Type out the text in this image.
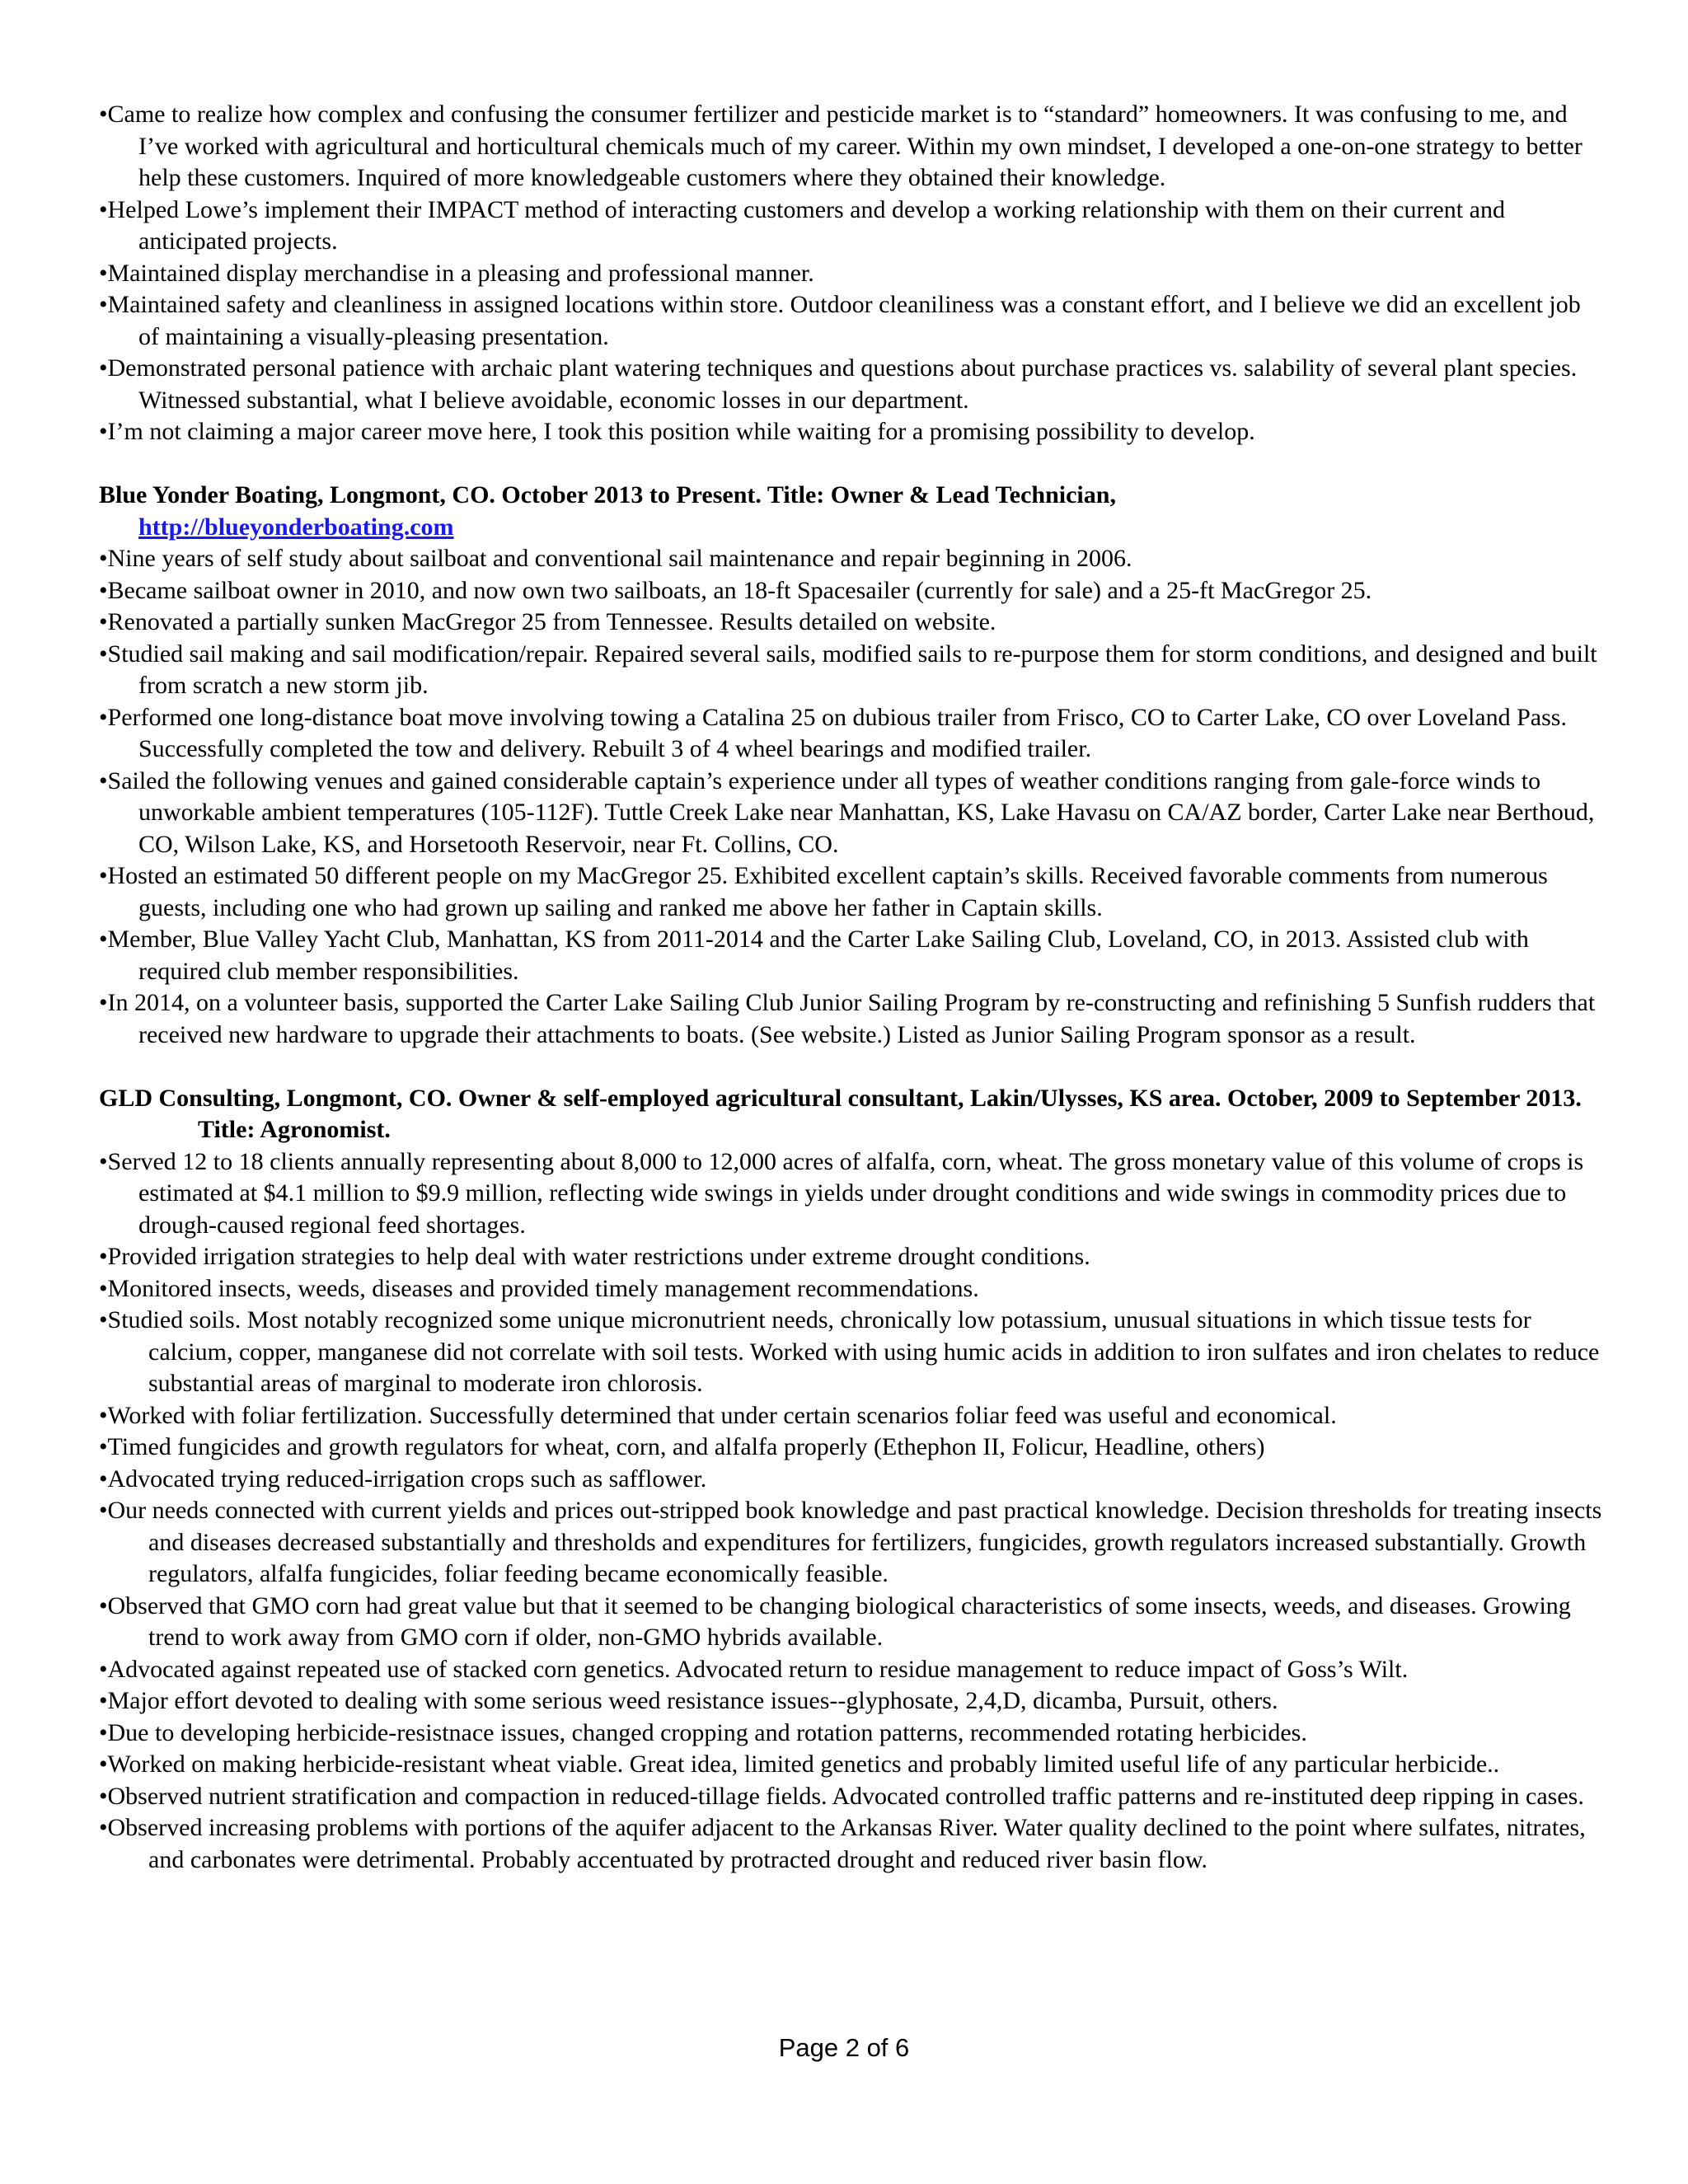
•Came to realize how complex and confusing the consumer fertilizer and pesticide market is to “standard” homeowners. It was confusing to me, and I’ve worked with agricultural and horticultural chemicals much of my career. Within my own mindset, I developed a one-on-one strategy to better help these customers. Inquired of more knowledgeable customers where they obtained their knowledge.

•Helped Lowe’s implement their IMPACT method of interacting customers and develop a working relationship with them on their current and anticipated projects.

•Maintained display merchandise in a pleasing and professional manner.

•Maintained safety and cleanliness in assigned locations within store. Outdoor cleaniliness was a constant effort, and I believe we did an excellent job of maintaining a visually-pleasing presentation.

•Demonstrated personal patience with archaic plant watering techniques and questions about purchase practices vs. salability of several plant species. Witnessed substantial, what I believe avoidable, economic losses in our department.

•I’m not claiming a major career move here, I took this position while waiting for a promising possibility to develop.

Blue Yonder Boating, Longmont, CO. October 2013 to Present. Title: Owner & Lead Technician,

http://blueyonderboating.com

•Nine years of self study about sailboat and conventional sail maintenance and repair beginning in 2006.

•Became sailboat owner in 2010, and now own two sailboats, an 18-ft Spacesailer (currently for sale) and a 25-ft MacGregor 25.

•Renovated a partially sunken MacGregor 25 from Tennessee. Results detailed on website.

•Studied sail making and sail modification/repair. Repaired several sails, modified sails to re-purpose them for storm conditions, and designed and built from scratch a new storm jib.

•Performed one long-distance boat move involving towing a Catalina 25 on dubious trailer from Frisco, CO to Carter Lake, CO over Loveland Pass. Successfully completed the tow and delivery. Rebuilt 3 of 4 wheel bearings and modified trailer.

•Sailed the following venues and gained considerable captain’s experience under all types of weather conditions ranging from gale-force winds to unworkable ambient temperatures (105-112F). Tuttle Creek Lake near Manhattan, KS, Lake Havasu on CA/AZ border, Carter Lake near Berthoud, CO, Wilson Lake, KS, and Horsetooth Reservoir, near Ft. Collins, CO.

•Hosted an estimated 50 different people on my MacGregor 25. Exhibited excellent captain’s skills. Received favorable comments from numerous guests, including one who had grown up sailing and ranked me above her father in Captain skills.

•Member, Blue Valley Yacht Club, Manhattan, KS from 2011-2014 and the Carter Lake Sailing Club, Loveland, CO, in 2013. Assisted club with required club member responsibilities.

•In 2014, on a volunteer basis, supported the Carter Lake Sailing Club Junior Sailing Program by re-constructing and refinishing 5 Sunfish rudders that received new hardware to upgrade their attachments to boats. (See website.) Listed as Junior Sailing Program sponsor as a result.

GLD Consulting, Longmont, CO. Owner & self-employed agricultural consultant, Lakin/Ulysses, KS area. October, 2009 to September 2013. Title: Agronomist.

•Served 12 to 18 clients annually representing about 8,000 to 12,000 acres of alfalfa, corn, wheat. The gross monetary value of this volume of crops is estimated at $4.1 million to $9.9 million, reflecting wide swings in yields under drought conditions and wide swings in commodity prices due to drough-caused regional feed shortages.

•Provided irrigation strategies to help deal with water restrictions under extreme drought conditions.

•Monitored insects, weeds, diseases and provided timely management recommendations.

•Studied soils. Most notably recognized some unique micronutrient needs, chronically low potassium, unusual situations in which tissue tests for calcium, copper, manganese did not correlate with soil tests. Worked with using humic acids in addition to iron sulfates and iron chelates to reduce substantial areas of marginal to moderate iron chlorosis.

•Worked with foliar fertilization. Successfully determined that under certain scenarios foliar feed was useful and economical.

•Timed fungicides and growth regulators for wheat, corn, and alfalfa properly (Ethephon II, Folicur, Headline, others)

•Advocated trying reduced-irrigation crops such as safflower.

•Our needs connected with current yields and prices out-stripped book knowledge and past practical knowledge. Decision thresholds for treating insects and diseases decreased substantially and thresholds and expenditures for fertilizers, fungicides, growth regulators increased substantially. Growth regulators, alfalfa fungicides, foliar feeding became economically feasible.

•Observed that GMO corn had great value but that it seemed to be changing biological characteristics of some insects, weeds, and diseases. Growing trend to work away from GMO corn if older, non-GMO hybrids available.

•Advocated against repeated use of stacked corn genetics. Advocated return to residue management to reduce impact of Goss’s Wilt.

•Major effort devoted to dealing with some serious weed resistance issues--glyphosate, 2,4,D, dicamba, Pursuit, others.

•Due to developing herbicide-resistnace issues, changed cropping and rotation patterns, recommended rotating herbicides.

•Worked on making herbicide-resistant wheat viable. Great idea, limited genetics and probably limited useful life of any particular herbicide..

•Observed nutrient stratification and compaction in reduced-tillage fields. Advocated controlled traffic patterns and re-instituted deep ripping in cases.

•Observed increasing problems with portions of the aquifer adjacent to the Arkansas River. Water quality declined to the point where sulfates, nitrates, and carbonates were detrimental. Probably accentuated by protracted drought and reduced river basin flow.

Page 2 of 6
